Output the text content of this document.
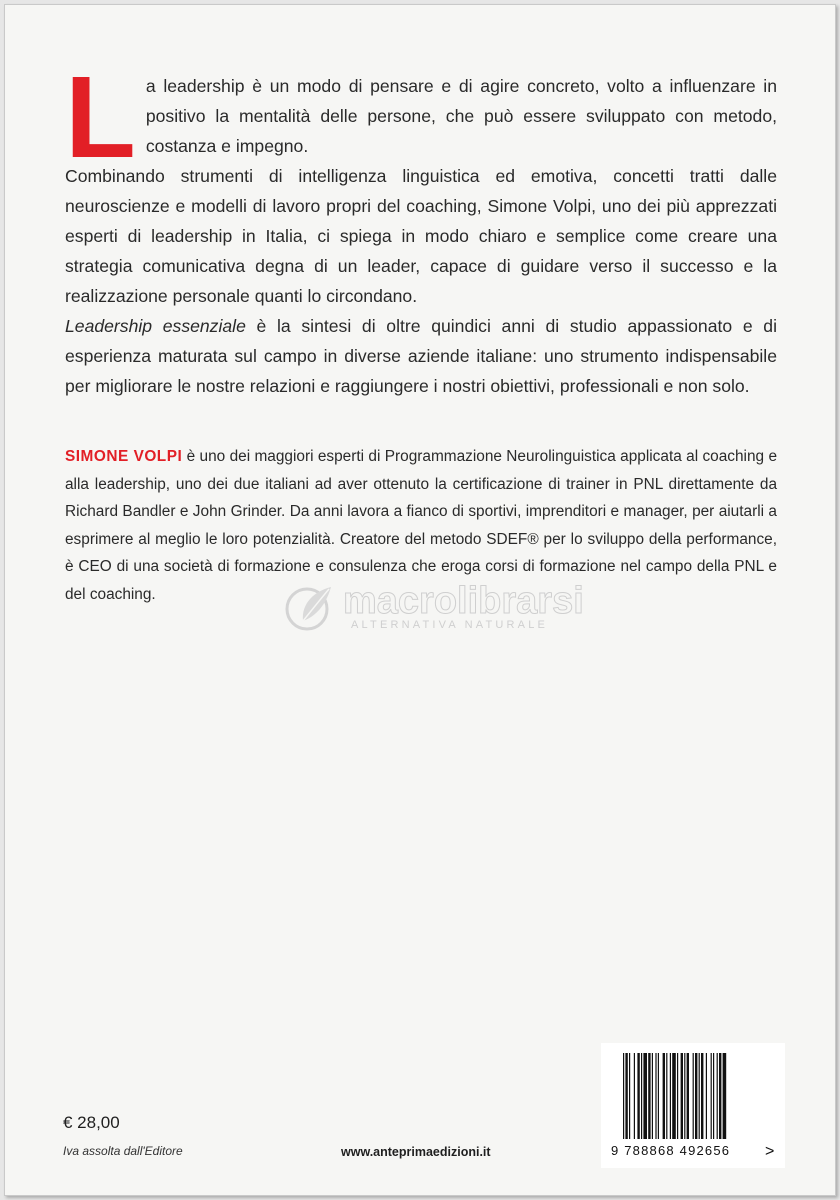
La leadership è un modo di pensare e di agire concreto, volto a influenzare in positivo la mentalità delle persone, che può essere sviluppato con metodo, costanza e impegno.

Combinando strumenti di intelligenza linguistica ed emotiva, concetti tratti dalle neuroscienze e modelli di lavoro propri del coaching, Simone Volpi, uno dei più apprezzati esperti di leadership in Italia, ci spiega in modo chiaro e semplice come creare una strategia comunicativa degna di un leader, capace di guidare verso il successo e la realizzazione personale quanti lo circondano.

Leadership essenziale è la sintesi di oltre quindici anni di studio appassionato e di esperienza maturata sul campo in diverse aziende italiane: uno strumento indispensabile per migliorare le nostre relazioni e raggiungere i nostri obiettivi, professionali e non solo.

SIMONE VOLPI è uno dei maggiori esperti di Programmazione Neurolinguistica applicata al coaching e alla leadership, uno dei due italiani ad aver ottenuto la certificazione di trainer in PNL direttamente da Richard Bandler e John Grinder. Da anni lavora a fianco di sportivi, imprenditori e manager, per aiutarli a esprimere al meglio le loro potenzialità. Creatore del metodo SDEF® per lo sviluppo della performance, è CEO di una società di formazione e consulenza che eroga corsi di formazione nel campo della PNL e del coaching.	macrolibrarsi
ALTERNATIVA NATURALE
€ 28,00
Iva assolta dall'Editore	www.anteprimaedizioni.it	9 788868 492656	>
